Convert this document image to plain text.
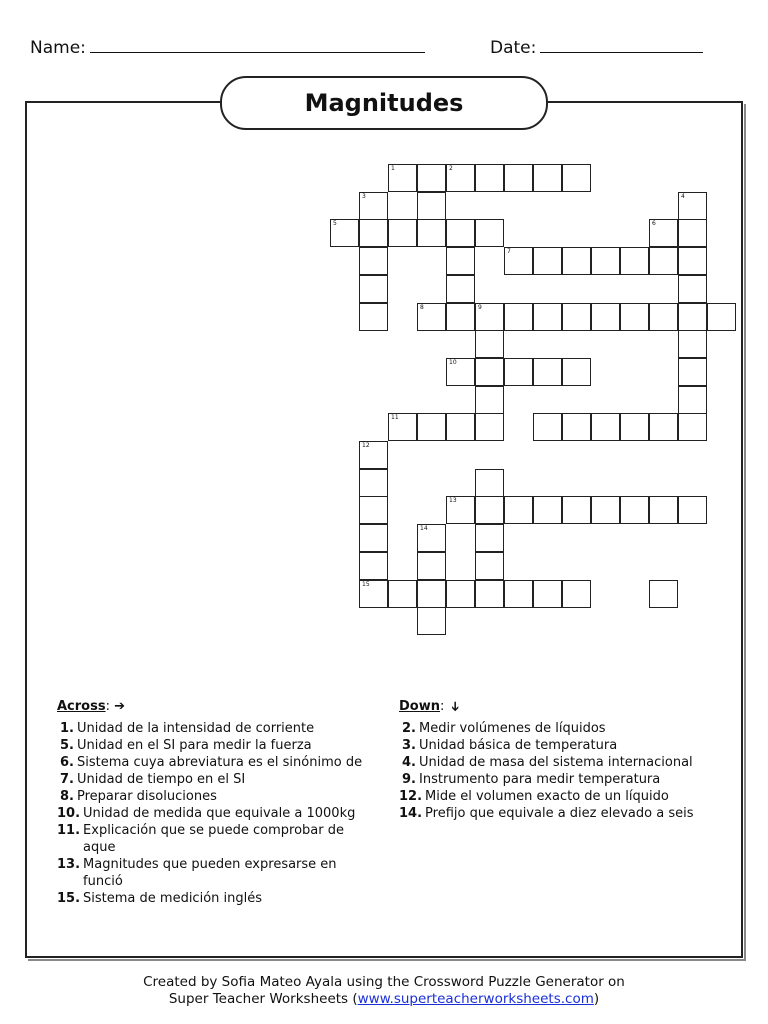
Name:	Date:
Magnitudes
1	2
3	4
5	6
7
8	9
10
11
12
13
14
15
Across: ➔
1. Unidad de la intensidad de corriente
5. Unidad en el SI para medir la fuerza
6. Sistema cuya abreviatura es el sinónimo de
7. Unidad de tiempo en el SI
8. Preparar disoluciones
10. Unidad de medida que equivale a 1000kg
11. Explicación que se puede comprobar de aque
13. Magnitudes que pueden expresarse en funció
15. Sistema de medición inglés
Down: ➔
2. Medir volúmenes de líquidos
3. Unidad básica de temperatura
4. Unidad de masa del sistema internacional
9. Instrumento para medir temperatura
12. Mide el volumen exacto de un líquido
14. Prefijo que equivale a diez elevado a seis
Created by Sofia Mateo Ayala using the Crossword Puzzle Generator on
Super Teacher Worksheets (www.superteacherworksheets.com)
